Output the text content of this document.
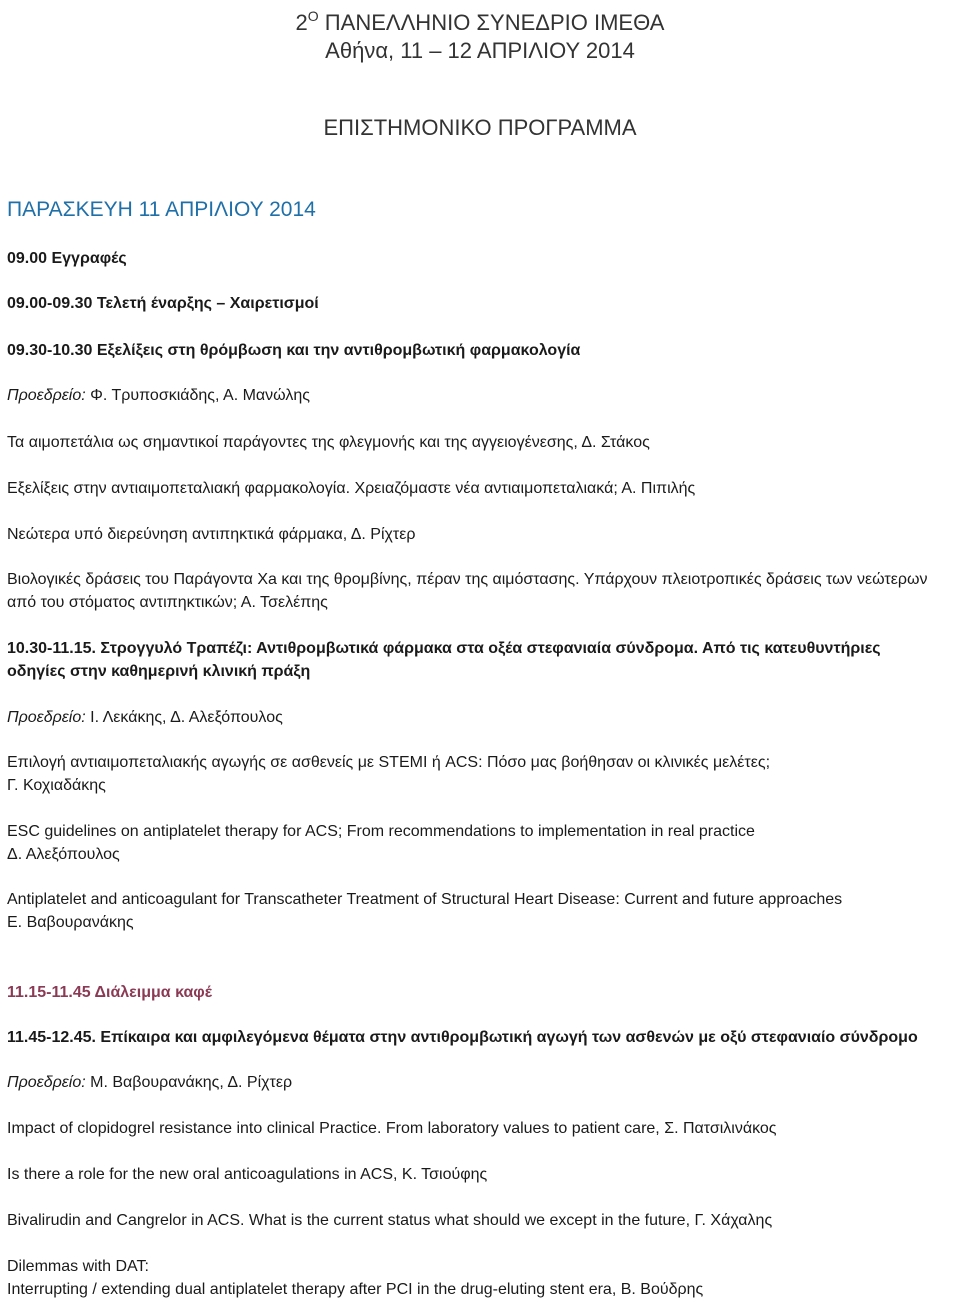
$2^O$ ΠΑΝΕΛΛΗΝΙΟ ΣΥΝΕΔΡΙΟ ΙΜΕΘΑ
Αθήνα, 11 – 12 ΑΠΡΙΛΙΟΥ 2014
ΕΠΙΣΤΗΜΟΝΙΚΟ ΠΡΟΓΡΑΜΜΑ

ΠΑΡΑΣΚΕΥΗ 11 ΑΠΡΙΛΙΟΥ 2014

09.00 Εγγραφές

09.00-09.30 Τελετή έναρξης – Χαιρετισμοί

09.30-10.30 Εξελίξεις στη θρόμβωση και την αντιθρομβωτική φαρμακολογία

Προεδρείο: Φ. Τρυποσκιάδης, Α. Μανώλης

Τα αιμοπετάλια ως σημαντικοί παράγοντες της φλεγμονής και της αγγειογένεσης, Δ. Στάκος

Εξελίξεις στην αντιαιμοπεταλιακή φαρμακολογία. Χρειαζόμαστε νέα αντιαιμοπεταλιακά; Α. Πιπιλής

Νεώτερα υπό διερεύνηση αντιπηκτικά φάρμακα, Δ. Ρίχτερ

Βιολογικές δράσεις του Παράγοντα Xa και της θρομβίνης, πέραν της αιμόστασης. Υπάρχουν πλειοτροπικές δράσεις των νεώτερων

από του στόματος αντιπηκτικών; Α. Τσελέπης

10.30-11.15. Στρογγυλό Τραπέζι: Αντιθρομβωτικά φάρμακα στα οξέα στεφανιαία σύνδρομα. Από τις κατευθυντήριες

οδηγίες στην καθημερινή κλινική πράξη

Προεδρείο: Ι. Λεκάκης, Δ. Αλεξόπουλος

Επιλογή αντιαιμοπεταλιακής αγωγής σε ασθενείς με STEMI ή ACS: Πόσο μας βοήθησαν οι κλινικές μελέτες;

Γ. Κοχιαδάκης

ESC guidelines on antiplatelet therapy for ACS; From recommendations to implementation in real practice

Δ. Αλεξόπουλος

Antiplatelet and anticoagulant for Transcatheter Treatment of Structural Heart Disease: Current and future approaches

Ε. Βαβουρανάκης

11.15-11.45 Διάλειμμα καφέ

11.45-12.45. Επίκαιρα και αμφιλεγόμενα θέματα στην αντιθρομβωτική αγωγή των ασθενών με οξύ στεφανιαίο σύνδρομο

Προεδρείο: Μ. Βαβουρανάκης, Δ. Ρίχτερ

Impact of clopidogrel resistance into clinical Practice. From laboratory values to patient care, Σ. Πατσιλινάκος

Is there a role for the new oral anticoagulations in ACS, Κ. Τσιούφης

Bivalirudin and Cangrelor in ACS. What is the current status what should we except in the future, Γ. Χάχαλης

Dilemmas with DAT:

Interrupting / extending dual antiplatelet therapy after PCI in the drug-eluting stent era, Β. Βούδρης
